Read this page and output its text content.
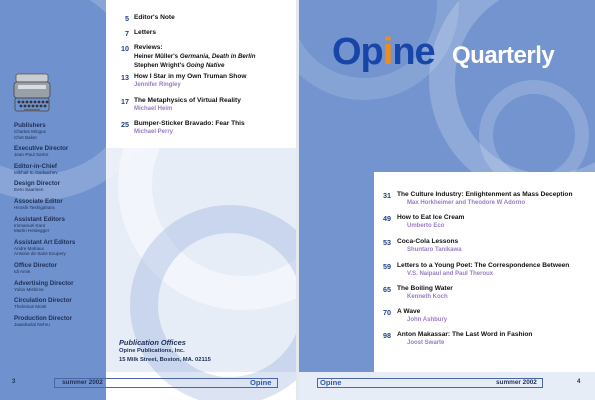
Publishers
Charles Mingus
Chet Baker
Executive Director
Jean-Paul Sartre
Editor-in-Chief
Mikhail S. Gorbachev
Design Director
Eero Saarinen
Associate Editor
Hiroshi Teshigahara
Assistant Editors
Immanuel Kant
Martin Heidegger
Assistant Art Editors
Andre Malraux
Antoine de Saint Exupery
Office Director
Idi Amin
Advertising Director
Yukio Mishima
Circulation Director
Thelonius Monk
Production Director
Jawaharlal Nehru
5 Editor's Note
7 Letters
10 Reviews:
Heiner Müller's Germania, Death in Berlin
Stephen Wright's Going Native
13 How I Star in my Own Truman Show
Jennifer Ringley
17 The Metaphysics of Virtual Reality
Michael Heim
25 Bumper-Sticker Bravado: Fear This
Michael Perry
Publication Offices
Opine Publications, Inc.
15 Milk Street, Boston, MA. 02115
3	summer 2002	Opine
Opine Quarterly
31 The Culture Industry: Enlightenment as Mass Deception
Max Horkheimer and Theodore W Adorno
49 How to Eat Ice Cream
Umberto Eco
53 Coca-Cola Lessons
Shuntaro Tanikawa
59 Letters to a Young Poet: The Correspondence Between
V.S. Naipaul and Paul Theroux
65 The Boiling Water
Kenneth Koch
70 A Wave
John Ashbury
98 Anton Makassar: The Last Word in Fashion
Joost Swarte
Opine	summer 2002	4
